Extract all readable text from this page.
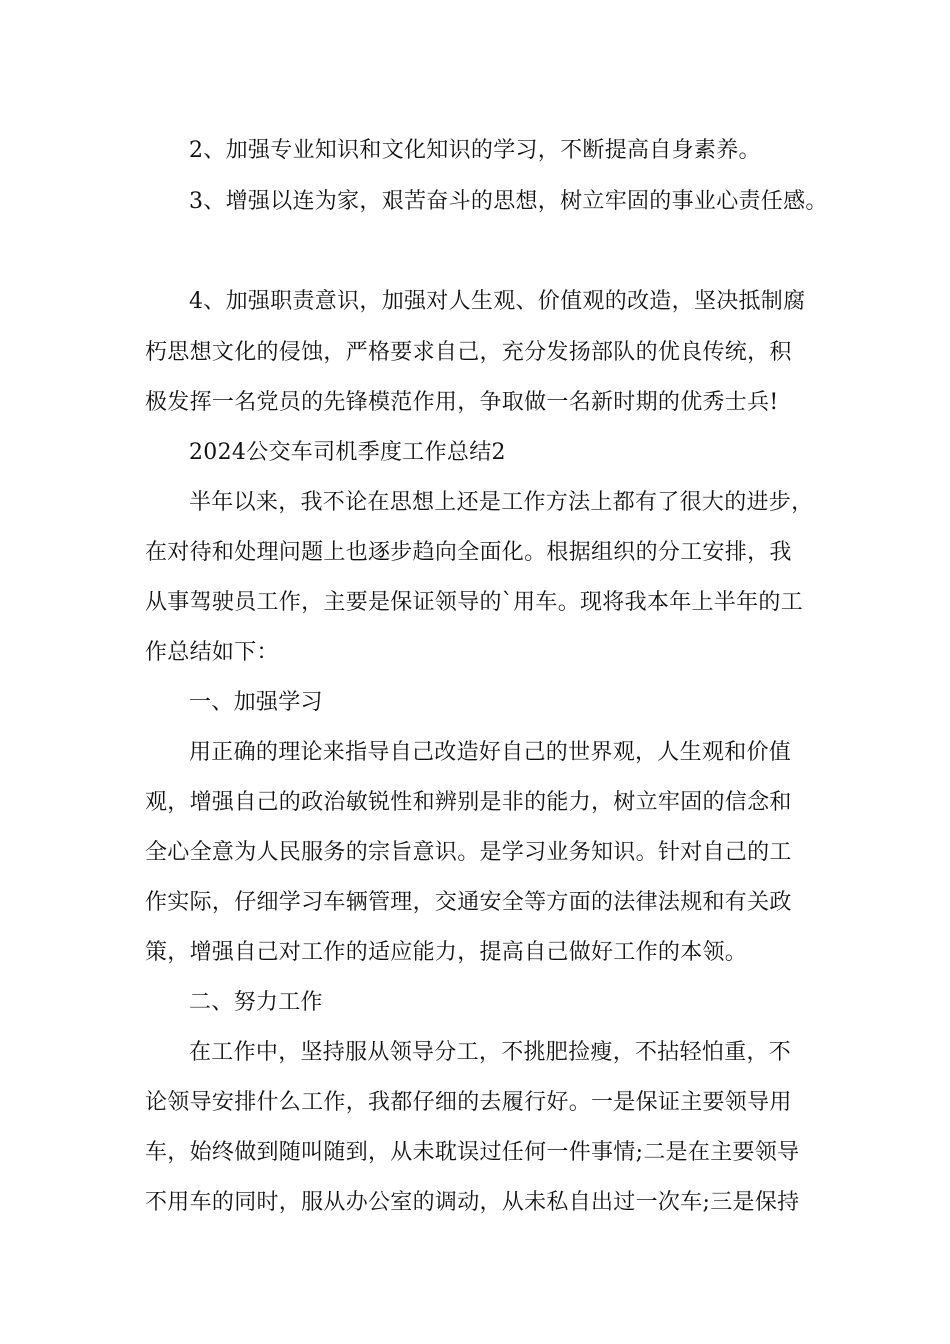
2、加强专业知识和文化知识的学习，不断提高自身素养。
3、增强以连为家，艰苦奋斗的思想，树立牢固的事业心责任感。
4、加强职责意识，加强对人生观、价值观的改造，坚决抵制腐
朽思想文化的侵蚀，严格要求自己，充分发扬部队的优良传统，积
极发挥一名党员的先锋模范作用，争取做一名新时期的优秀士兵!
2024公交车司机季度工作总结2
半年以来，我不论在思想上还是工作方法上都有了很大的进步，
在对待和处理问题上也逐步趋向全面化。根据组织的分工安排，我
从事驾驶员工作，主要是保证领导的`用车。现将我本年上半年的工
作总结如下：
一、加强学习
用正确的理论来指导自己改造好自己的世界观，人生观和价值
观，增强自己的政治敏锐性和辨别是非的能力，树立牢固的信念和
全心全意为人民服务的宗旨意识。是学习业务知识。针对自己的工
作实际，仔细学习车辆管理，交通安全等方面的法律法规和有关政
策，增强自己对工作的适应能力，提高自己做好工作的本领。
二、努力工作
在工作中，坚持服从领导分工，不挑肥捡瘦，不拈轻怕重，不
论领导安排什么工作，我都仔细的去履行好。一是保证主要领导用
车，始终做到随叫随到，从未耽误过任何一件事情;二是在主要领导
不用车的同时，服从办公室的调动，从未私自出过一次车;三是保持
